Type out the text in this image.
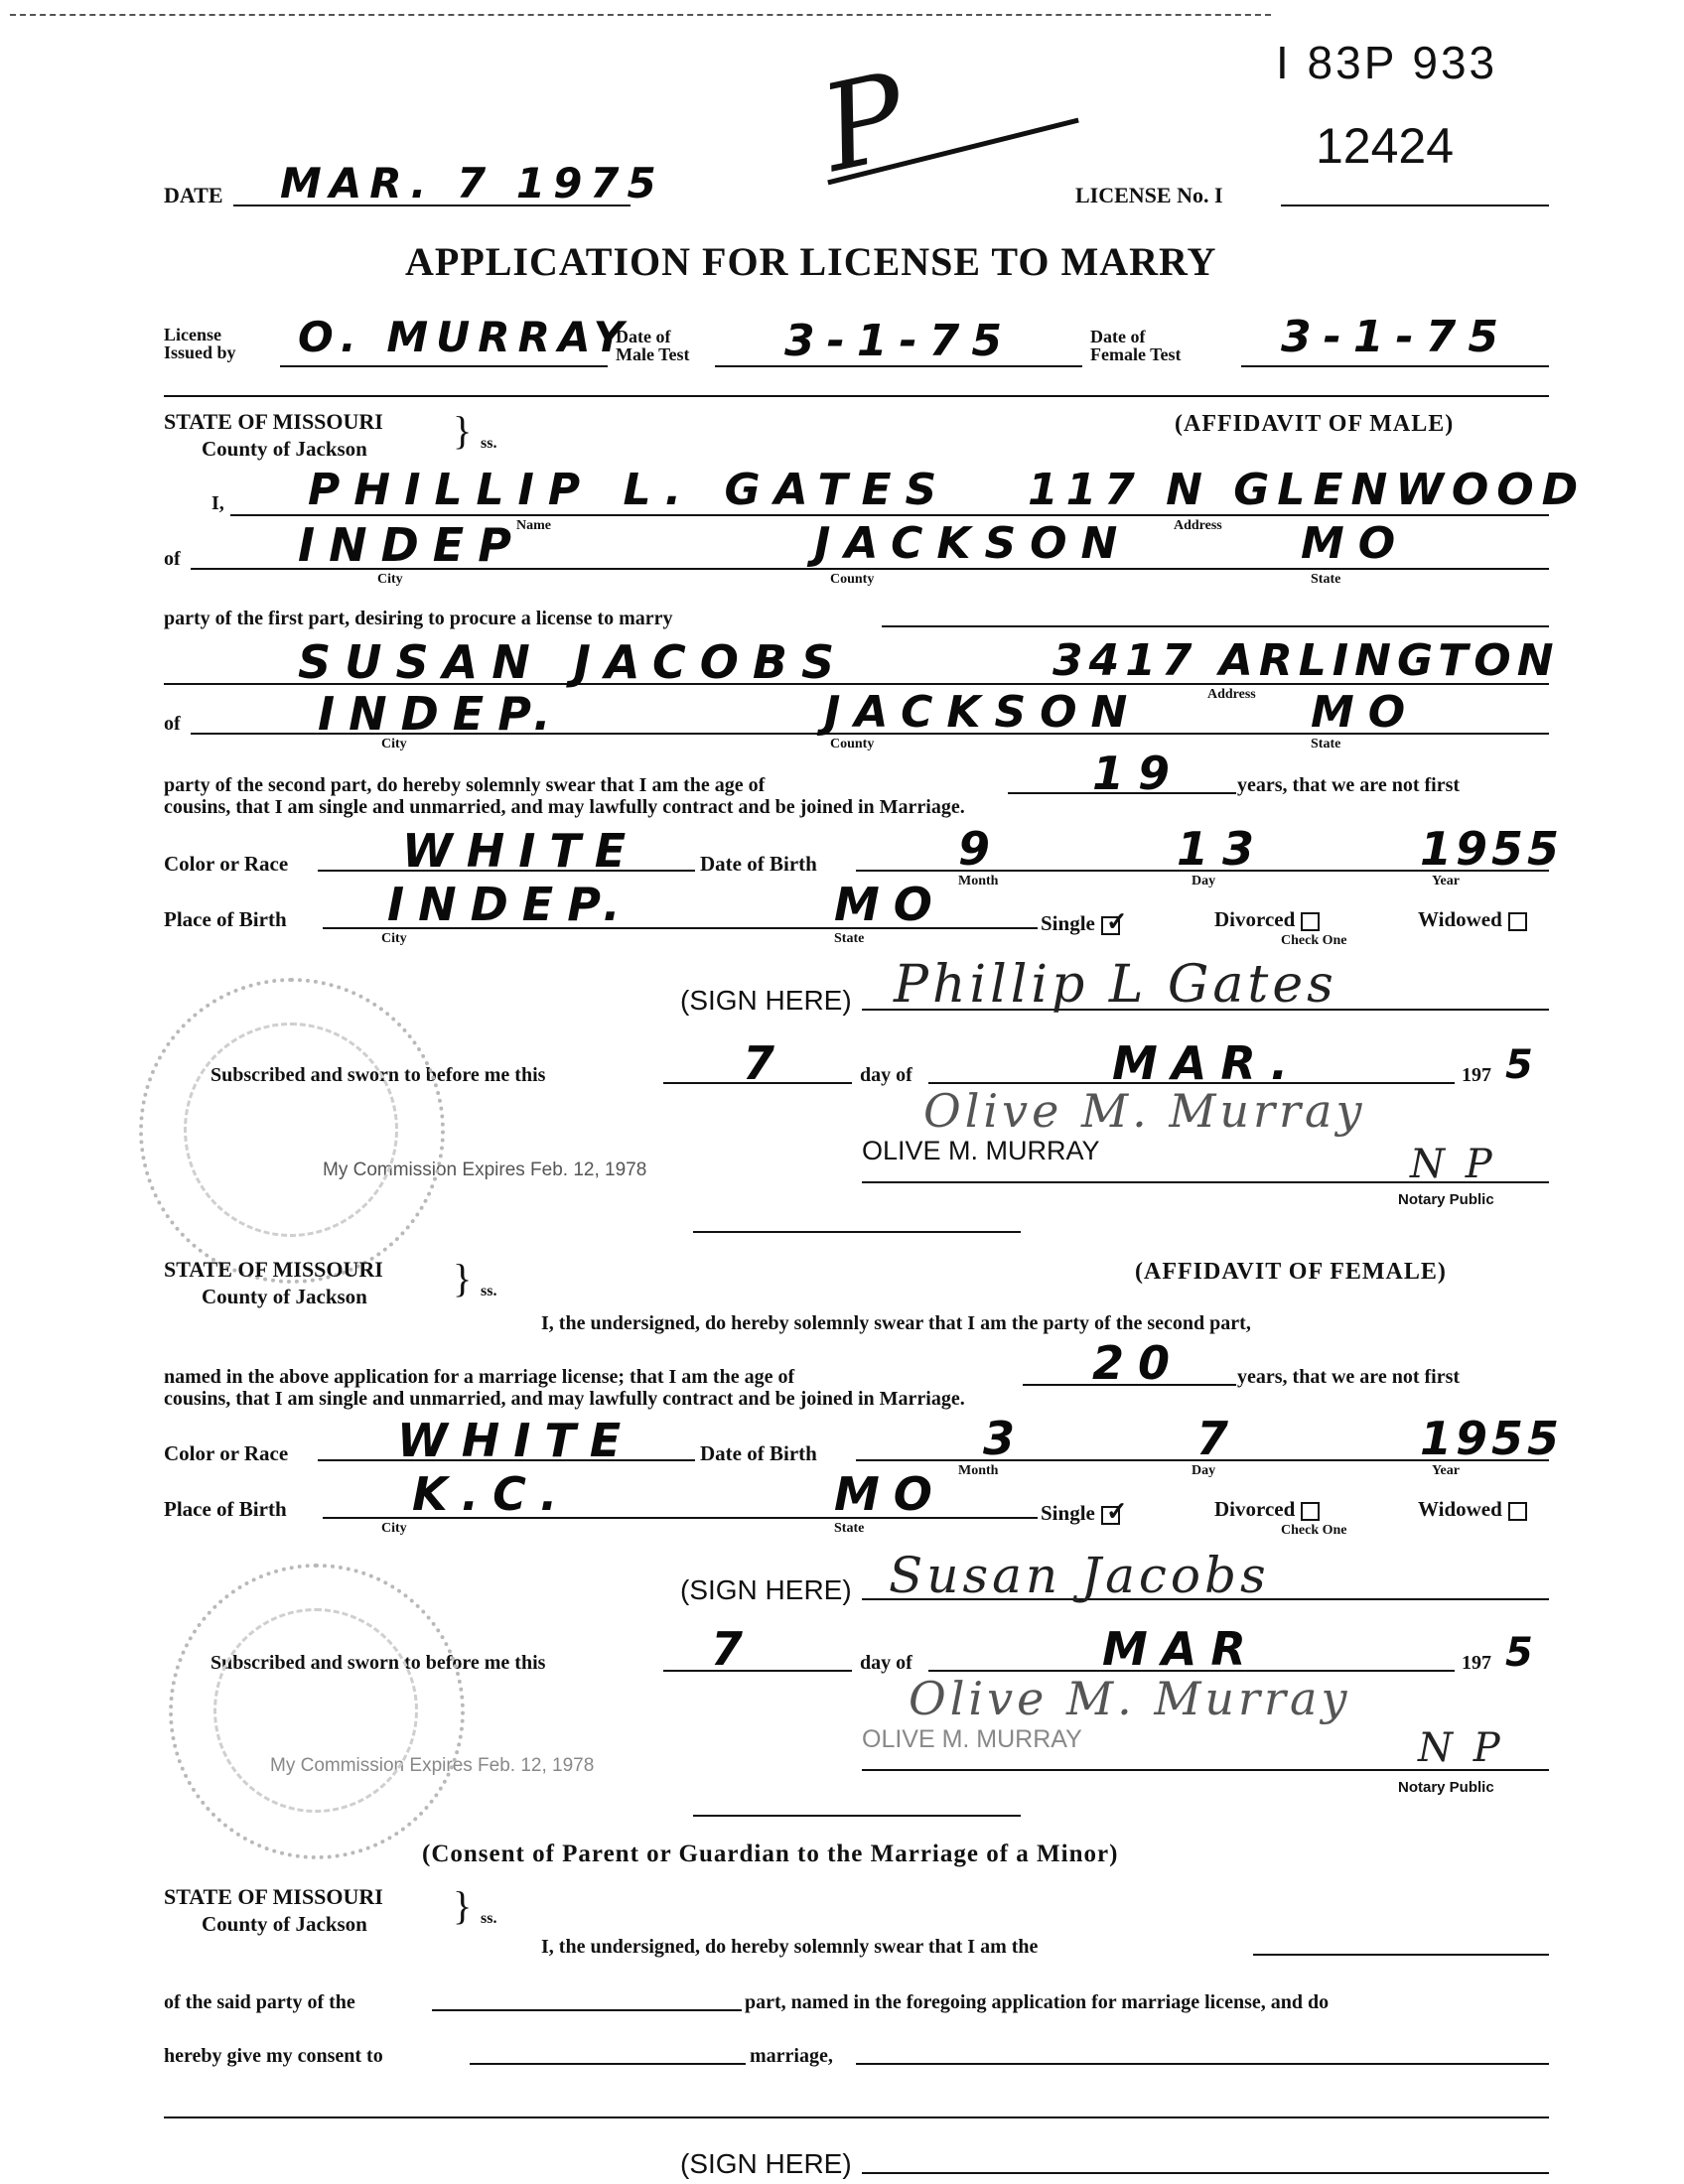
I 83P 933
12424
P
DATE MAR. 7 1975	LICENSE No. I
APPLICATION FOR LICENSE TO MARRY
License
Issued by O. MURRAY
Date of
Male Test 3-1-75	Date of
Female Test 3-1-75
STATE OF MISSOURI
County of Jackson } ss.
(AFFIDAVIT OF MALE)
I, PHILLIP L. GATES 117 N GLENWOOD
Name	Address
of	INDEP	JACKSON	MO
City	County	State
party of the first part, desiring to procure a license to marry
SUSAN JACOBS	3417 ARLINGTON
Address
of	INDEP.	JACKSON	MO
City	County	State
party of the second part, do hereby solemnly swear that I am the age of	19	years, that we are not first
cousins, that I am single and unmarried, and may lawfully contract and be joined in Marriage.
Color or Race WHITE	Date of Birth	9	13	1955
Month	Day	Year
Place of Birth INDEP.	MO
City	State
Single ✓	Divorced	Widowed
Check One
(SIGN HERE) Phillip L Gates
Subscribed and sworn to before me this	7	day of	MAR.	197 5
Olive M. Murray
OLIVE M. MURRAY	N P
Notary Public
My Commission Expires Feb. 12, 1978
STATE OF MISSOURI
County of Jackson } ss.
(AFFIDAVIT OF FEMALE)
I, the undersigned, do hereby solemnly swear that I am the party of the second part,
named in the above application for a marriage license; that I am the age of	20	years, that we are not first
cousins, that I am single and unmarried, and may lawfully contract and be joined in Marriage.
Color or Race WHITE	Date of Birth	3	7	1955
Month	Day	Year
Place of Birth	K.C.	MO
City	State
Single ✓	Divorced	Widowed
Check One
(SIGN HERE) Susan Jacobs
Subscribed and sworn to before me this	7	day of	MAR	197 5
Olive M. Murray
OLIVE M. MURRAY	N P
Notary Public
My Commission Expires Feb. 12, 1978
(Consent of Parent or Guardian to the Marriage of a Minor)
STATE OF MISSOURI
County of Jackson } ss.
I, the undersigned, do hereby solemnly swear that I am the
of the said party of the	part, named in the foregoing application for marriage license, and do
hereby give my consent to	marriage,
(SIGN HERE)
